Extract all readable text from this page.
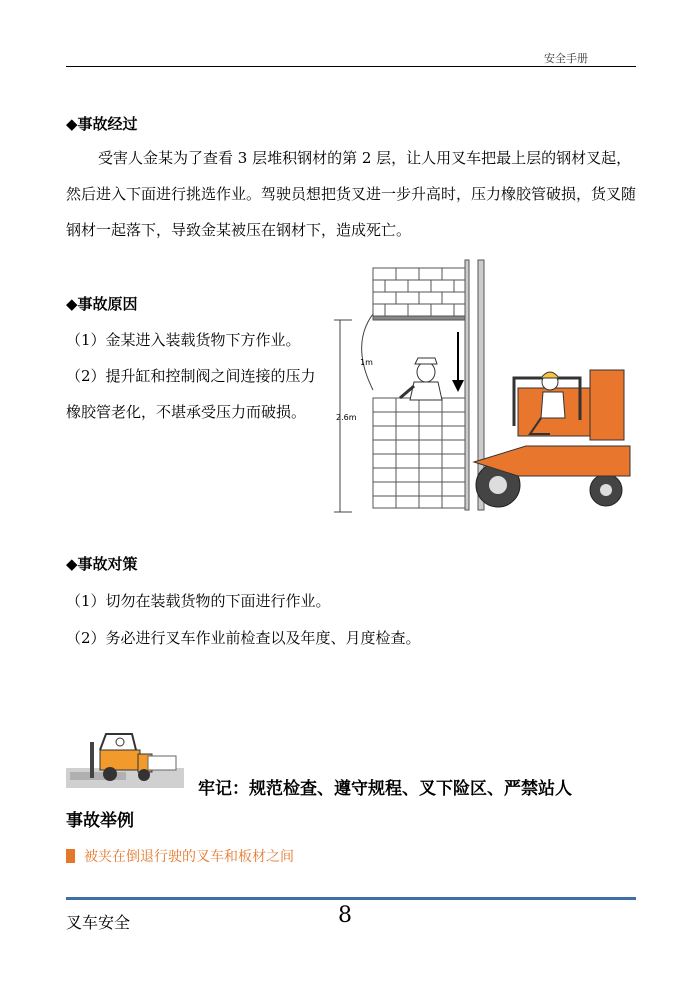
安全手册
◆事故经过

受害人金某为了查看 3 层堆积钢材的第 2 层，让人用叉车把最上层的钢材叉起，然后进入下面进行挑选作业。驾驶员想把货叉进一步升高时，压力橡胶管破损，货叉随钢材一起落下，导致金某被压在钢材下，造成死亡。

◆事故原因

（1）金某进入装载货物下方作业。

（2）提升缸和控制阀之间连接的压力橡胶管老化，不堪承受压力而破损。

1m
2.6m
◆事故对策
（1）切勿在装载货物的下面进行作业。
（2）务必进行叉车作业前检查以及年度、月度检查。
牢记：规范检查、遵守规程、叉下险区、严禁站人
事故举例
被夹在倒退行驶的叉车和板材之间
叉车安全	8
